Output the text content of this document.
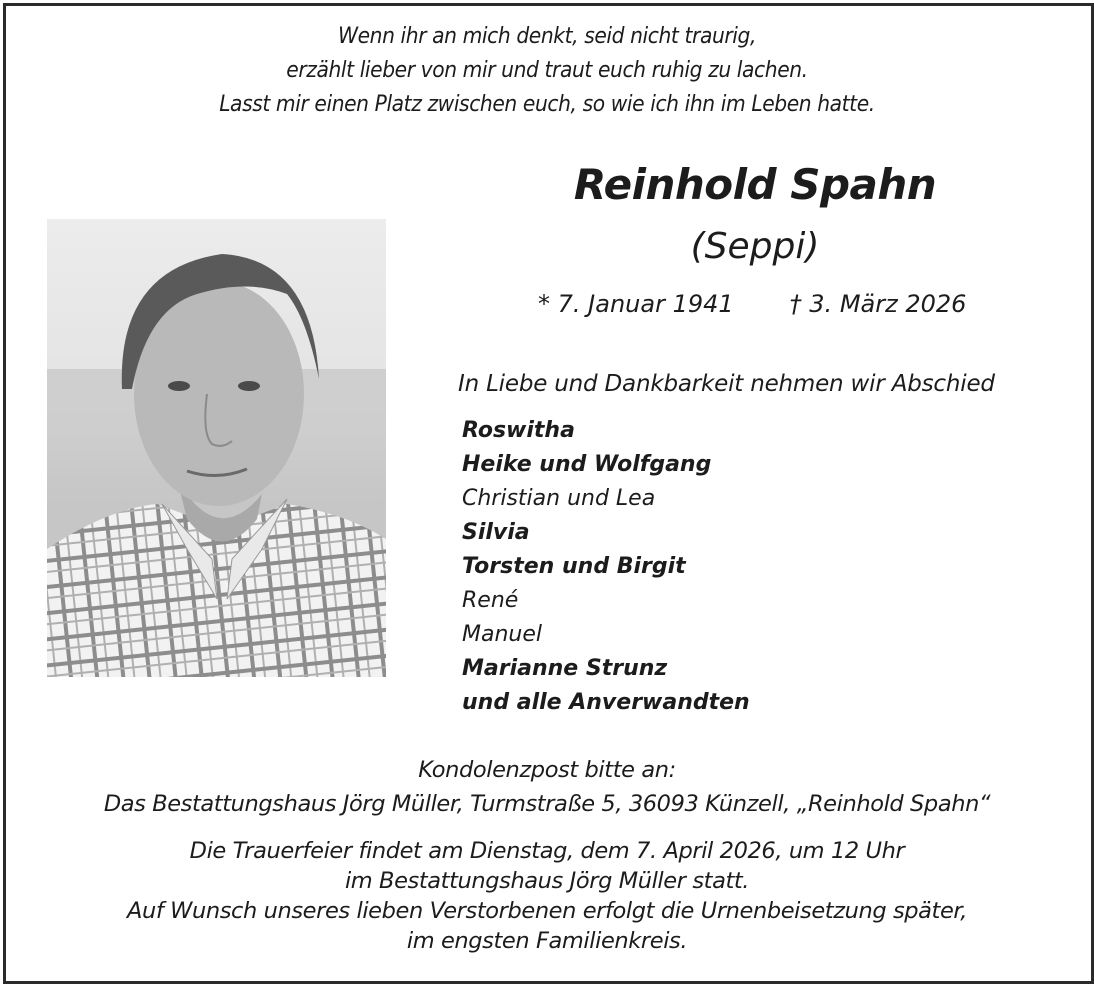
Wenn ihr an mich denkt, seid nicht traurig,
erzählt lieber von mir und traut euch ruhig zu lachen.
Lasst mir einen Platz zwischen euch, so wie ich ihn im Leben hatte.
Reinhold Spahn
(Seppi)
* 7. Januar 1941 † 3. März 2026
In Liebe und Dankbarkeit nehmen wir Abschied
Roswitha
Heike und Wolfgang
Christian und Lea
Silvia
Torsten und Birgit
René
Manuel
Marianne Strunz
und alle Anverwandten
Kondolenzpost bitte an:
Das Bestattungshaus Jörg Müller, Turmstraße 5, 36093 Künzell, „Reinhold Spahn“
Die Trauerfeier findet am Dienstag, dem 7. April 2026, um 12 Uhr
im Bestattungshaus Jörg Müller statt.
Auf Wunsch unseres lieben Verstorbenen erfolgt die Urnenbeisetzung später,
im engsten Familienkreis.
